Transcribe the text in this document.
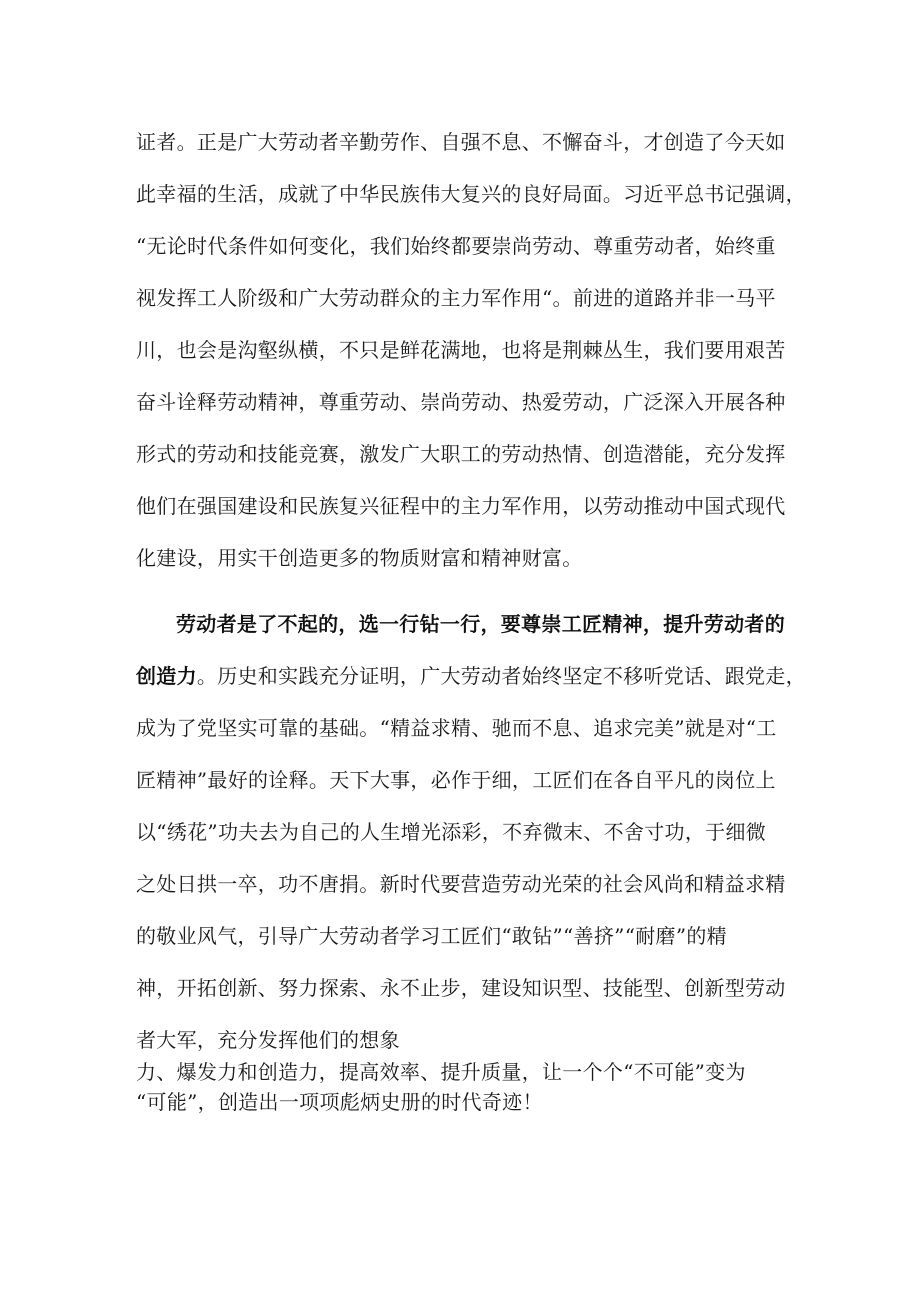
证者。正是广大劳动者辛勤劳作、自强不息、不懈奋斗，才创造了今天如
此幸福的生活，成就了中华民族伟大复兴的良好局面。习近平总书记强调，
“无论时代条件如何变化，我们始终都要崇尚劳动、尊重劳动者，始终重
视发挥工人阶级和广大劳动群众的主力军作用“。前进的道路并非一马平
川，也会是沟壑纵横，不只是鲜花满地，也将是荆棘丛生，我们要用艰苦
奋斗诠释劳动精神，尊重劳动、崇尚劳动、热爱劳动，广泛深入开展各种
形式的劳动和技能竞赛，激发广大职工的劳动热情、创造潜能，充分发挥
他们在强国建设和民族复兴征程中的主力军作用，以劳动推动中国式现代
化建设，用实干创造更多的物质财富和精神财富。
劳动者是了不起的，选一行钻一行，要尊崇工匠精神，提升劳动者的
创造力。历史和实践充分证明，广大劳动者始终坚定不移听党话、跟党走，
成为了党坚实可靠的基础。“精益求精、驰而不息、追求完美”就是对“工
匠精神”最好的诠释。天下大事，必作于细，工匠们在各自平凡的岗位上
以“绣花”功夫去为自己的人生增光添彩，不弃微末、不舍寸功，于细微
之处日拱一卒，功不唐捐。新时代要营造劳动光荣的社会风尚和精益求精
的敬业风气，引导广大劳动者学习工匠们“敢钻”“善挤”“耐磨”的精
神，开拓创新、努力探索、永不止步，建设知识型、技能型、创新型劳动
者大军，充分发挥他们的想象
力、爆发力和创造力，提高效率、提升质量，让一个个“不可能”变为
“可能”，创造出一项项彪炳史册的时代奇迹！
